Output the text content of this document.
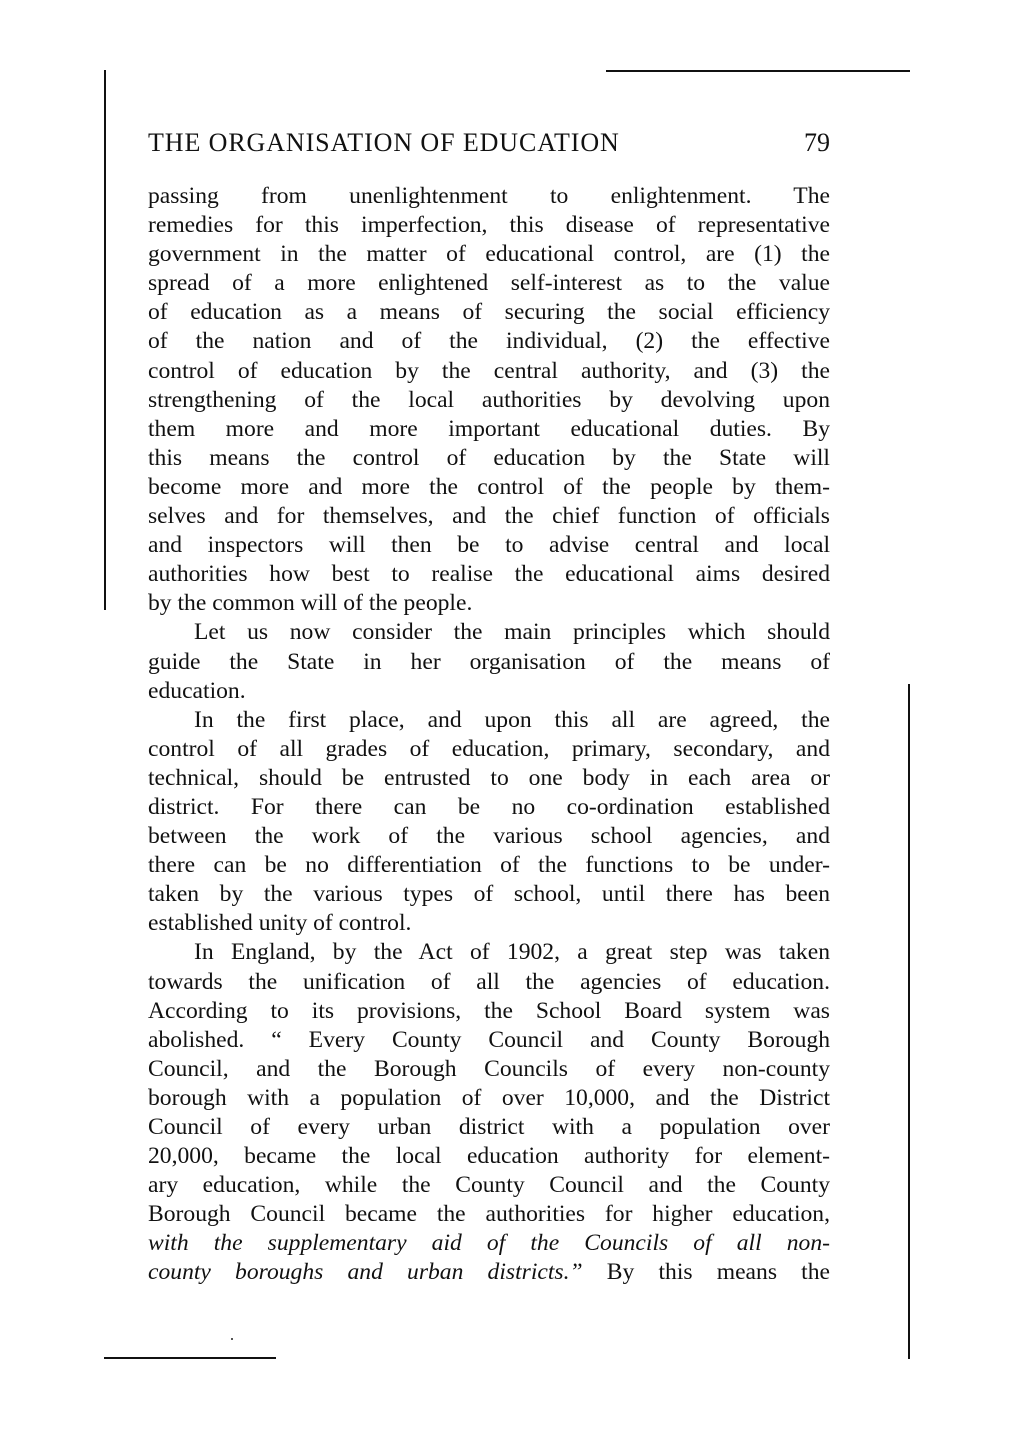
THE ORGANISATION OF EDUCATION	79
passing from unenlightenment to enlightenment. The
remedies for this imperfection, this disease of representative
government in the matter of educational control, are (1) the
spread of a more enlightened self-interest as to the value
of education as a means of securing the social efficiency
of the nation and of the individual, (2) the effective
control of education by the central authority, and (3) the
strengthening of the local authorities by devolving upon
them more and more important educational duties. By
this means the control of education by the State will
become more and more the control of the people by them-
selves and for themselves, and the chief function of officials
and inspectors will then be to advise central and local
authorities how best to realise the educational aims desired
by the common will of the people.
Let us now consider the main principles which should
guide the State in her organisation of the means of
education.
In the first place, and upon this all are agreed, the
control of all grades of education, primary, secondary, and
technical, should be entrusted to one body in each area or
district. For there can be no co-ordination established
between the work of the various school agencies, and
there can be no differentiation of the functions to be under-
taken by the various types of school, until there has been
established unity of control.
In England, by the Act of 1902, a great step was taken
towards the unification of all the agencies of education.
According to its provisions, the School Board system was
abolished. “ Every County Council and County Borough
Council, and the Borough Councils of every non-county
borough with a population of over 10,000, and the District
Council of every urban district with a population over
20,000, became the local education authority for element-
ary education, while the County Council and the County
Borough Council became the authorities for higher education,
with the supplementary aid of the Councils of all non-
county boroughs and urban districts.” By this means the
